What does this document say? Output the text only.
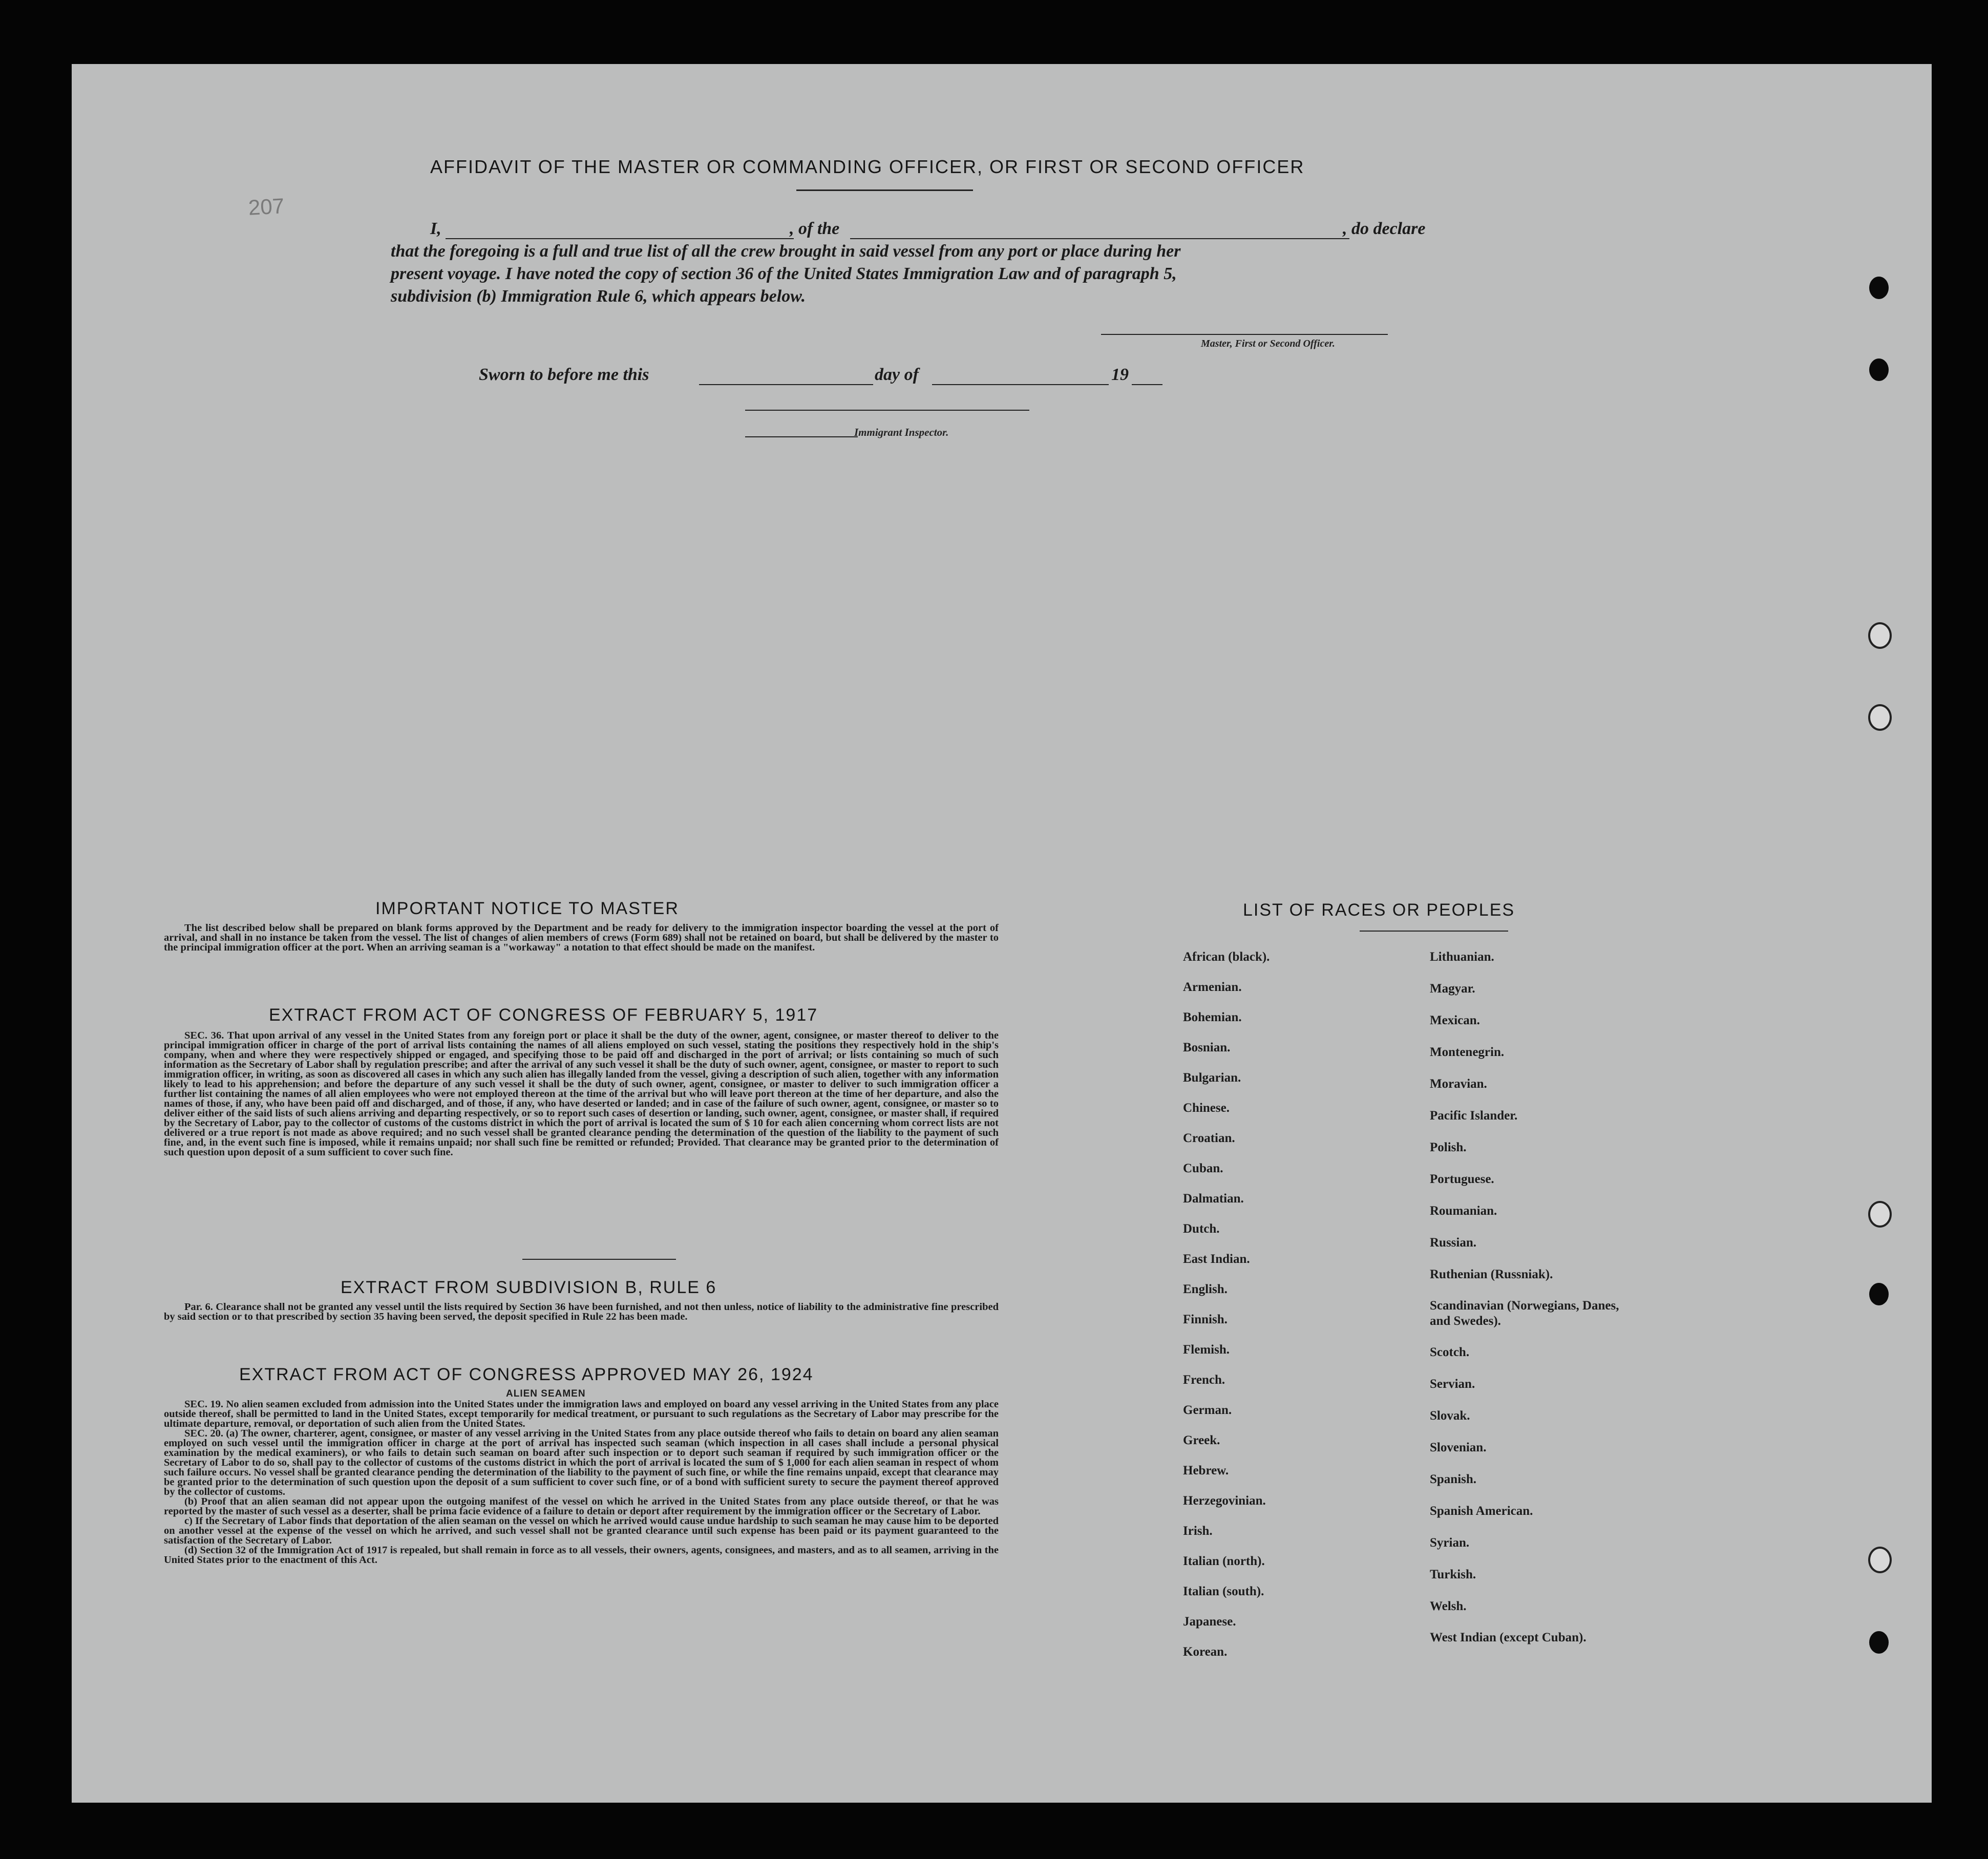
AFFIDAVIT OF THE MASTER OR COMMANDING OFFICER, OR FIRST OR SECOND OFFICER
207
I,	, of the	, do declare
that the foregoing is a full and true list of all the crew brought in said vessel from any port or place during her
present voyage. I have noted the copy of section 36 of the United States Immigration Law and of paragraph 5,
subdivision (b) Immigration Rule 6, which appears below.
Master, First or Second Officer.
Sworn to before me this	day of	19
Immigrant Inspector.
IMPORTANT NOTICE TO MASTER

The list described below shall be prepared on blank forms approved by the Department and be ready for delivery to the immigration inspector boarding the vessel at the port of arrival, and shall in no instance be taken from the vessel. The list of changes of alien members of crews (Form 689) shall not be retained on board, but shall be delivered by the master to the principal immigration officer at the port. When an arriving seaman is a "workaway" a notation to that effect should be made on the manifest.

EXTRACT FROM ACT OF CONGRESS OF FEBRUARY 5, 1917

SEC. 36. That upon arrival of any vessel in the United States from any foreign port or place it shall be the duty of the owner, agent, consignee, or master thereof to deliver to the principal immigration officer in charge of the port of arrival lists containing the names of all aliens employed on such vessel, stating the positions they respectively hold in the ship's company, when and where they were respectively shipped or engaged, and specifying those to be paid off and discharged in the port of arrival; or lists containing so much of such information as the Secretary of Labor shall by regulation prescribe; and after the arrival of any such vessel it shall be the duty of such owner, agent, consignee, or master to report to such immigration officer, in writing, as soon as discovered all cases in which any such alien has illegally landed from the vessel, giving a description of such alien, together with any information likely to lead to his apprehension; and before the departure of any such vessel it shall be the duty of such owner, agent, consignee, or master to deliver to such immigration officer a further list containing the names of all alien employees who were not employed thereon at the time of the arrival but who will leave port thereon at the time of her departure, and also the names of those, if any, who have been paid off and discharged, and of those, if any, who have deserted or landed; and in case of the failure of such owner, agent, consignee, or master so to deliver either of the said lists of such aliens arriving and departing respectively, or so to report such cases of desertion or landing, such owner, agent, consignee, or master shall, if required by the Secretary of Labor, pay to the collector of customs of the customs district in which the port of arrival is located the sum of $ 10 for each alien concerning whom correct lists are not delivered or a true report is not made as above required; and no such vessel shall be granted clearance pending the determination of the question of the liability to the payment of such fine, and, in the event such fine is imposed, while it remains unpaid; nor shall such fine be remitted or refunded; Provided. That clearance may be granted prior to the determination of such question upon deposit of a sum sufficient to cover such fine.

EXTRACT FROM SUBDIVISION B, RULE 6

Par. 6. Clearance shall not be granted any vessel until the lists required by Section 36 have been furnished, and not then unless, notice of liability to the administrative fine prescribed by said section or to that prescribed by section 35 having been served, the deposit specified in Rule 22 has been made.

EXTRACT FROM ACT OF CONGRESS APPROVED MAY 26, 1924
ALIEN SEAMEN

SEC. 19. No alien seamen excluded from admission into the United States under the immigration laws and employed on board any vessel arriving in the United States from any place outside thereof, shall be permitted to land in the United States, except temporarily for medical treatment, or pursuant to such regulations as the Secretary of Labor may prescribe for the ultimate departure, removal, or deportation of such alien from the United States.

SEC. 20. (a) The owner, charterer, agent, consignee, or master of any vessel arriving in the United States from any place outside thereof who fails to detain on board any alien seaman employed on such vessel until the immigration officer in charge at the port of arrival has inspected such seaman (which inspection in all cases shall include a personal physical examination by the medical examiners), or who fails to detain such seaman on board after such inspection or to deport such seaman if required by such immigration officer or the Secretary of Labor to do so, shall pay to the collector of customs of the customs district in which the port of arrival is located the sum of $ 1,000 for each alien seaman in respect of whom such failure occurs. No vessel shall be granted clearance pending the determination of the liability to the payment of such fine, or while the fine remains unpaid, except that clearance may be granted prior to the determination of such question upon the deposit of a sum sufficient to cover such fine, or of a bond with sufficient surety to secure the payment thereof approved by the collector of customs.

(b) Proof that an alien seaman did not appear upon the outgoing manifest of the vessel on which he arrived in the United States from any place outside thereof, or that he was reported by the master of such vessel as a deserter, shall be prima facie evidence of a failure to detain or deport after requirement by the immigration officer or the Secretary of Labor.

c) If the Secretary of Labor finds that deportation of the alien seaman on the vessel on which he arrived would cause undue hardship to such seaman he may cause him to be deported on another vessel at the expense of the vessel on which he arrived, and such vessel shall not be granted clearance until such expense has been paid or its payment guaranteed to the satisfaction of the Secretary of Labor.

(d) Section 32 of the Immigration Act of 1917 is repealed, but shall remain in force as to all vessels, their owners, agents, consignees, and masters, and as to all seamen, arriving in the United States prior to the enactment of this Act.

LIST OF RACES OR PEOPLES
African (black).
Armenian.
Bohemian.
Bosnian.
Bulgarian.
Chinese.
Croatian.
Cuban.
Dalmatian.
Dutch.
East Indian.
English.
Finnish.
Flemish.
French.
German.
Greek.
Hebrew.
Herzegovinian.
Irish.
Italian (north).
Italian (south).
Japanese.
Korean.
Lithuanian.
Magyar.
Mexican.
Montenegrin.
Moravian.
Pacific Islander.
Polish.
Portuguese.
Roumanian.
Russian.
Ruthenian (Russniak).
Scandinavian (Norwegians, Danes, and Swedes).
Scotch.
Servian.
Slovak.
Slovenian.
Spanish.
Spanish American.
Syrian.
Turkish.
Welsh.
West Indian (except Cuban).
